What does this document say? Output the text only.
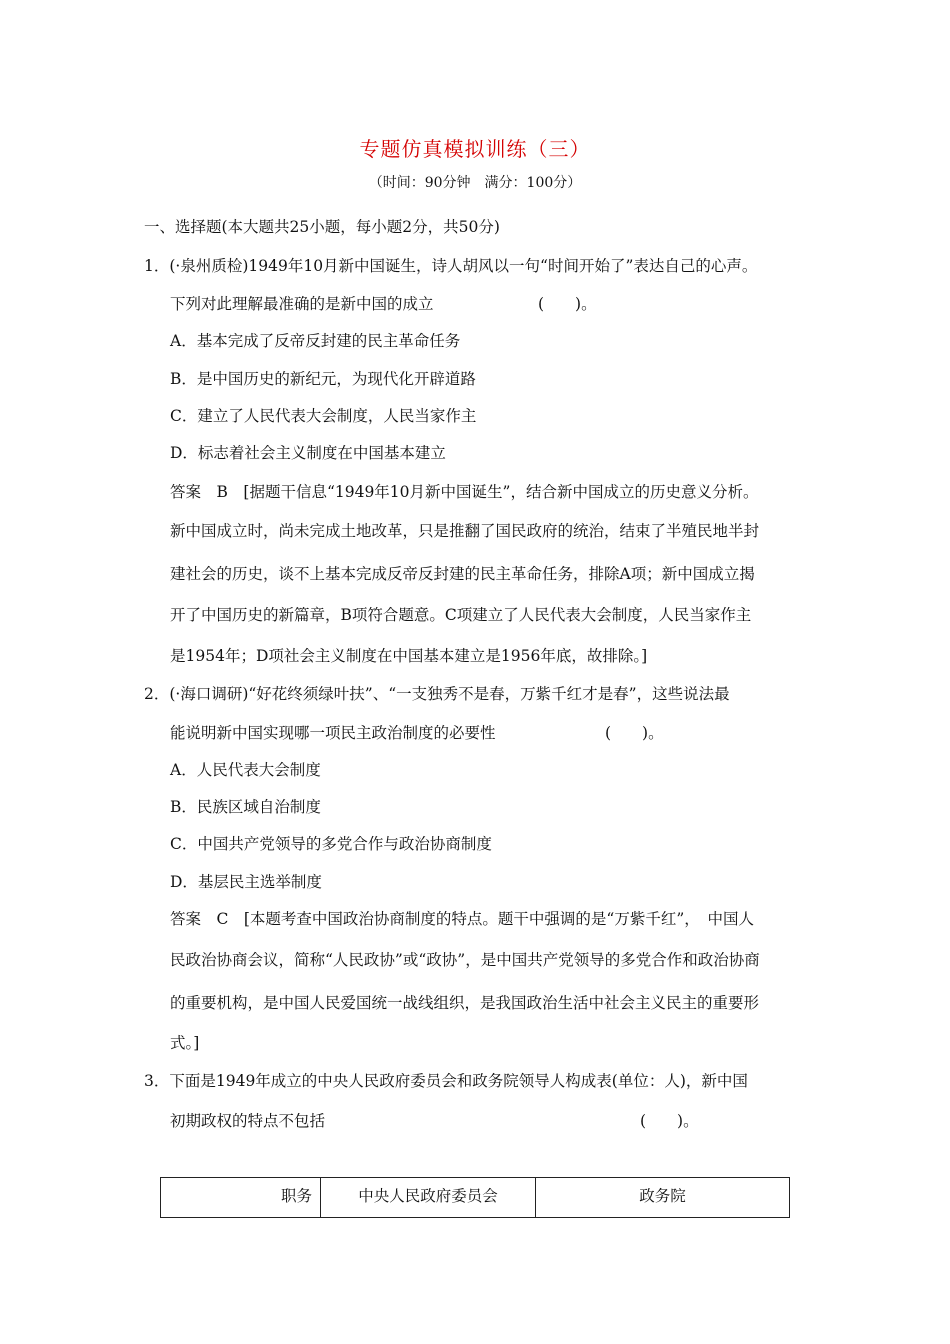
专题仿真模拟训练（三）
（时间：90分钟　满分：100分）
一、选择题(本大题共25小题，每小题2分，共50分)
1．(·泉州质检)1949年10月新中国诞生，诗人胡风以一句“时间开始了”表达自己的心声。
下列对此理解最准确的是新中国的成立	(　　)。
A．基本完成了反帝反封建的民主革命任务
B．是中国历史的新纪元，为现代化开辟道路
C．建立了人民代表大会制度，人民当家作主
D．标志着社会主义制度在中国基本建立
答案　B　[据题干信息“1949年10月新中国诞生”，结合新中国成立的历史意义分析。
新中国成立时，尚未完成土地改革，只是推翻了国民政府的统治，结束了半殖民地半封
建社会的历史，谈不上基本完成反帝反封建的民主革命任务，排除A项；新中国成立揭
开了中国历史的新篇章，B项符合题意。C项建立了人民代表大会制度，人民当家作主
是1954年；D项社会主义制度在中国基本建立是1956年底，故排除。]
2．(·海口调研)“好花终须绿叶扶”、“一支独秀不是春，万紫千红才是春”，这些说法最
能说明新中国实现哪一项民主政治制度的必要性	(　　)。
A．人民代表大会制度
B．民族区域自治制度
C．中国共产党领导的多党合作与政治协商制度
D．基层民主选举制度
答案　C　[本题考查中国政治协商制度的特点。题干中强调的是“万紫千红”，　中国人
民政治协商会议，简称“人民政协”或“政协”，是中国共产党领导的多党合作和政治协商
的重要机构，是中国人民爱国统一战线组织，是我国政治生活中社会主义民主的重要形
式。]
3．下面是1949年成立的中央人民政府委员会和政务院领导人构成表(单位：人)，新中国
初期政权的特点不包括	(　　)。
职务	中央人民政府委员会	政务院
